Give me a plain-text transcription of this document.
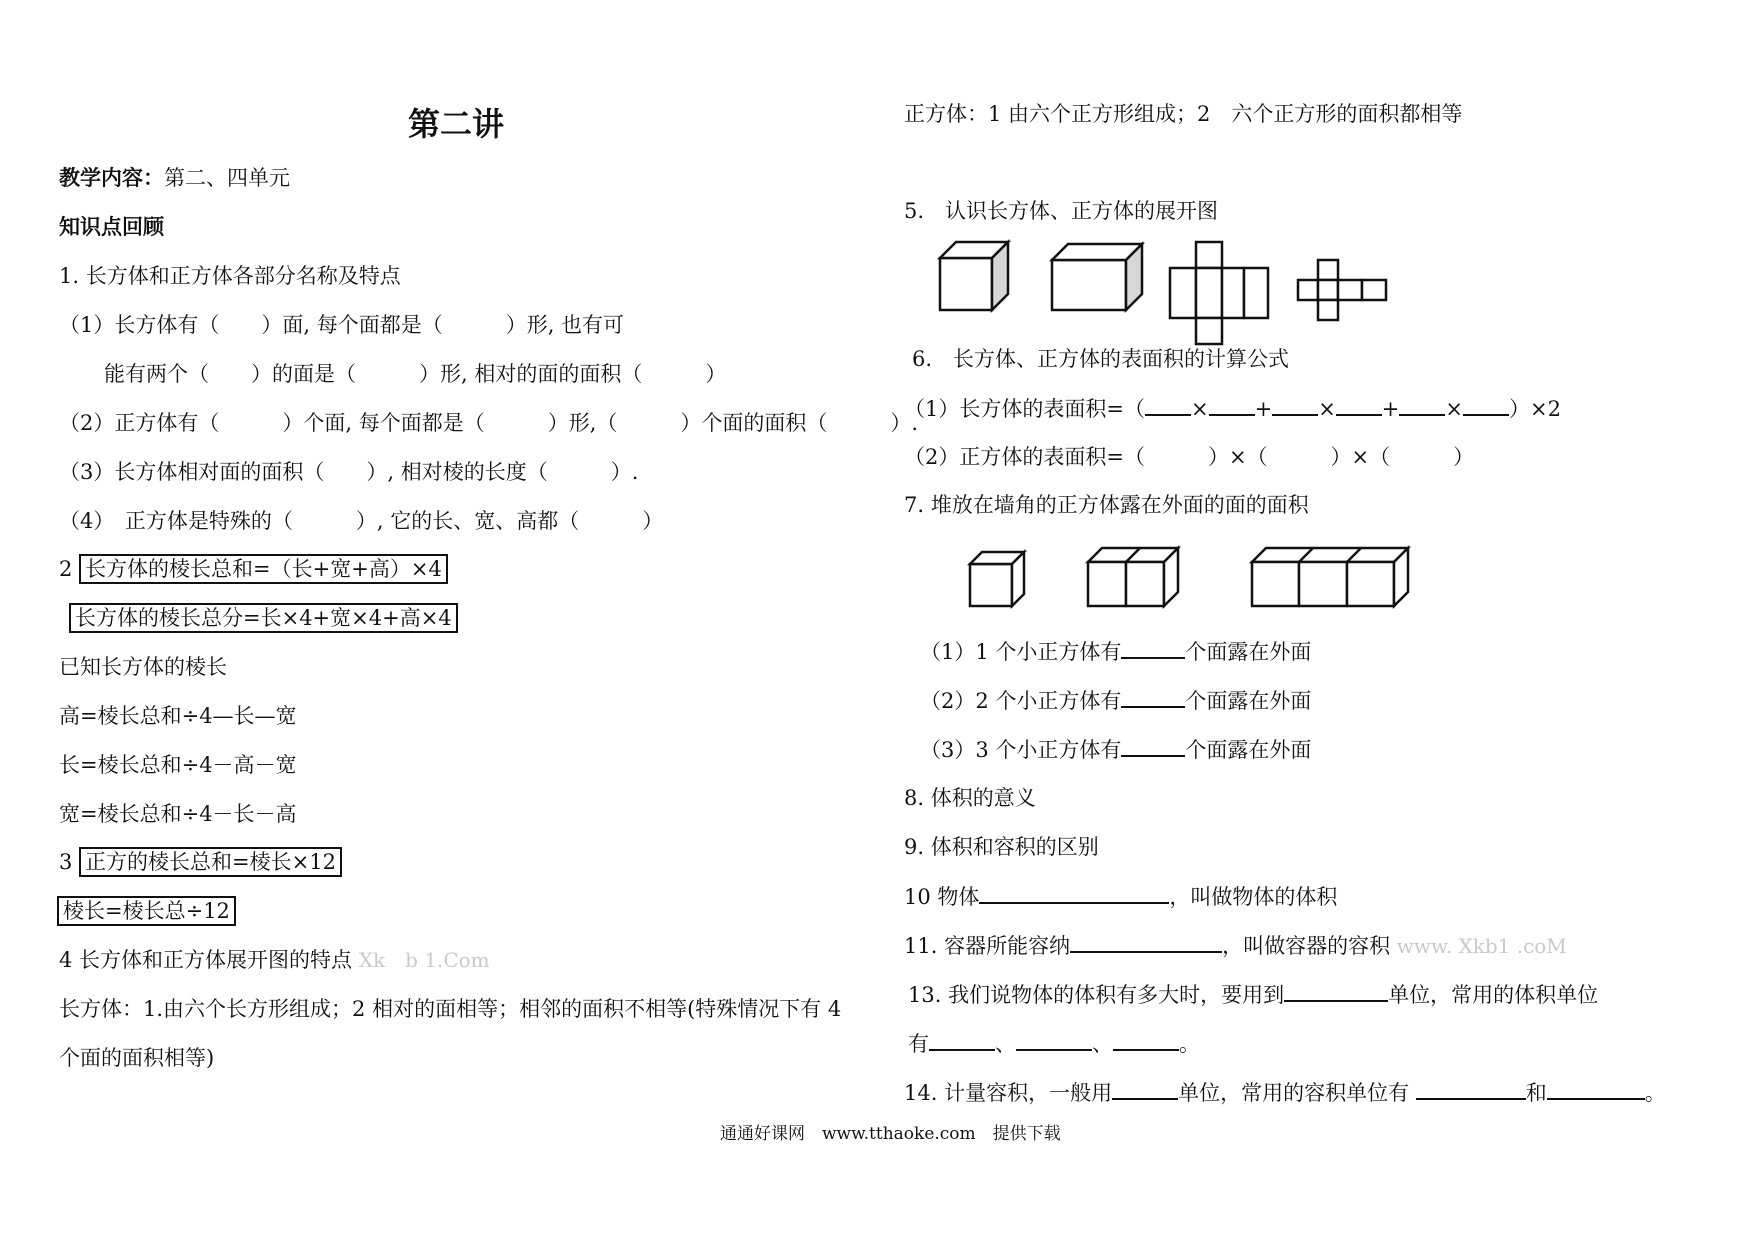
第二讲
教学内容：第二、四单元
知识点回顾
1. 长方体和正方体各部分名称及特点
（1）长方体有（　　）面, 每个面都是（　　　）形, 也有可
能有两个（　　）的面是（　　　）形, 相对的面的面积（　　　）
（2）正方体有（　　　）个面, 每个面都是（　　　）形,（　　　）个面的面积（　　　）.
（3）长方体相对面的面积（　　）, 相对棱的长度（　　　）.
（4）　正方体是特殊的（　　　）, 它的长、宽、高都（　　　）
2 长方体的棱长总和=（长+宽+高）×4
长方体的棱长总分=长×4+宽×4+高×4
已知长方体的棱长
高=棱长总和÷4—长—宽
长=棱长总和÷4－高－宽
宽=棱长总和÷4－长－高
3 正方的棱长总和=棱长×12
棱长=棱长总÷12
4 长方体和正方体展开图的特点 Xk　b 1.Com
长方体：1.由六个长方形组成；2 相对的面相等；相邻的面积不相等(特殊情况下有 4
个面的面积相等)
正方体：1 由六个正方形组成；2　六个正方形的面积都相等
5.　认识长方体、正方体的展开图
6.　长方体、正方体的表面积的计算公式
（1）长方体的表面积=（ × + × + × ）×2
（2）正方体的表面积=（　　　）×（　　　）×（　　　）
7. 堆放在墙角的正方体露在外面的面的面积
（1）1 个小正方体有	个面露在外面
（2）2 个小正方体有	个面露在外面
（3）3 个小正方体有	个面露在外面
8. 体积的意义
9. 体积和容积的区别
10 物体	，叫做物体的体积
11. 容器所能容纳	，叫做容器的容积 www. Xkb1 .coM
13. 我们说物体的体积有多大时，要用到	单位，常用的体积单位
有	、	、	。
14. 计量容积，一般用	单位，常用的容积单位有	和	。
通通好课网　www.tthaoke.com　提供下载
